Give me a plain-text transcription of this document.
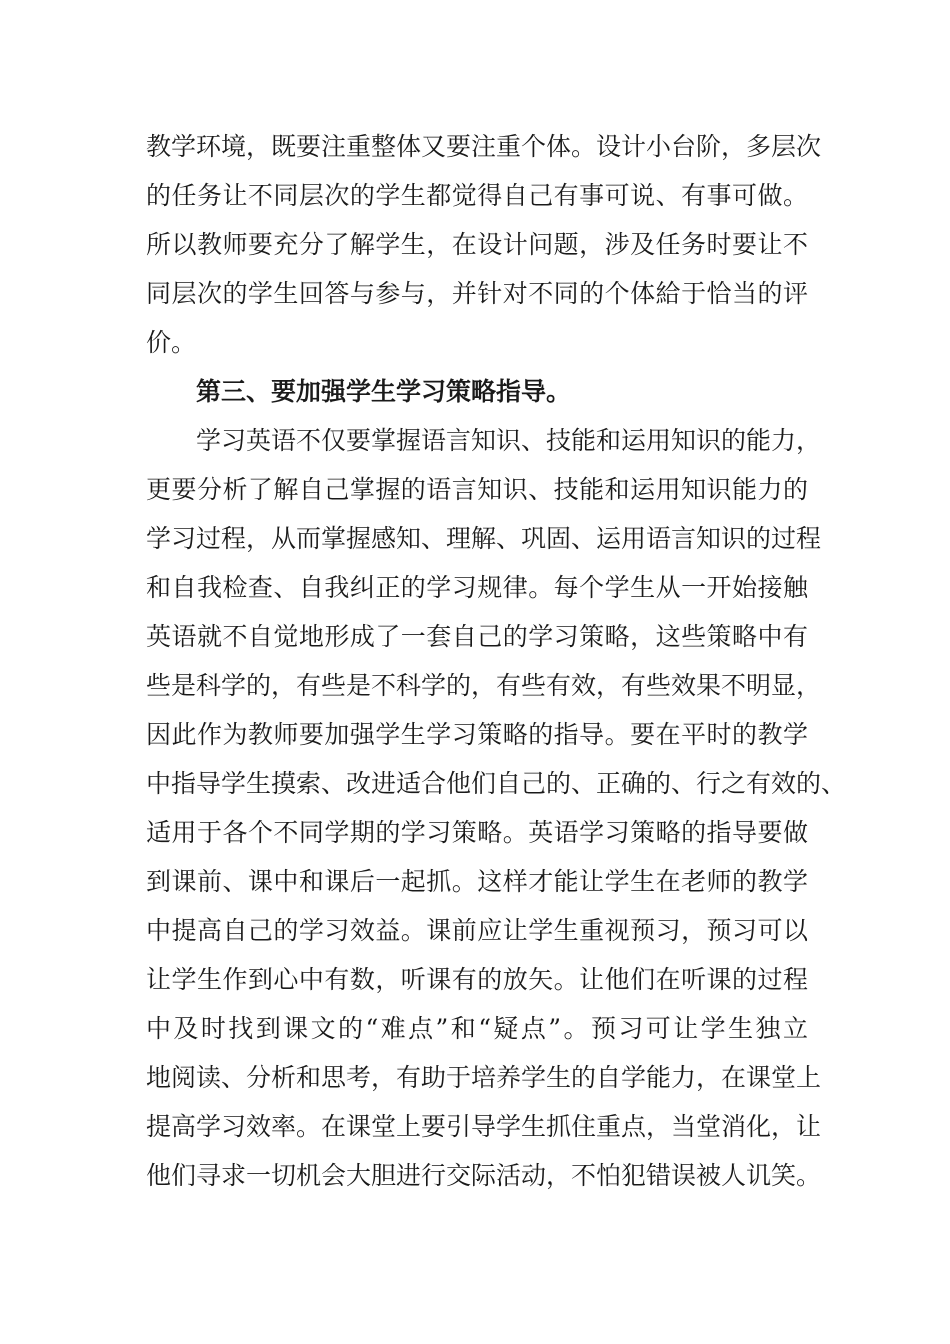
教学环境，既要注重整体又要注重个体。设计小台阶，多层次
的任务让不同层次的学生都觉得自己有事可说、有事可做。
所以教师要充分了解学生，在设计问题，涉及任务时要让不
同层次的学生回答与参与，并针对不同的个体給于恰当的评
价。
第三、要加强学生学习策略指导。
学习英语不仅要掌握语言知识、技能和运用知识的能力，
更要分析了解自己掌握的语言知识、技能和运用知识能力的
学习过程，从而掌握感知、理解、巩固、运用语言知识的过程
和自我检查、自我纠正的学习规律。每个学生从一开始接触
英语就不自觉地形成了一套自己的学习策略，这些策略中有
些是科学的，有些是不科学的，有些有效，有些效果不明显，
因此作为教师要加强学生学习策略的指导。要在平时的教学
中指导学生摸索、改进适合他们自己的、正确的、行之有效的、
适用于各个不同学期的学习策略。英语学习策略的指导要做
到课前、课中和课后一起抓。这样才能让学生在老师的教学
中提高自己的学习效益。课前应让学生重视预习，预习可以
让学生作到心中有数，听课有的放矢。让他们在听课的过程
中及时找到课文的“难点”和“疑点”。预习可让学生独立
地阅读、分析和思考，有助于培养学生的自学能力，在课堂上
提高学习效率。在课堂上要引导学生抓住重点，当堂消化，让
他们寻求一切机会大胆进行交际活动，不怕犯错误被人讥笑。
